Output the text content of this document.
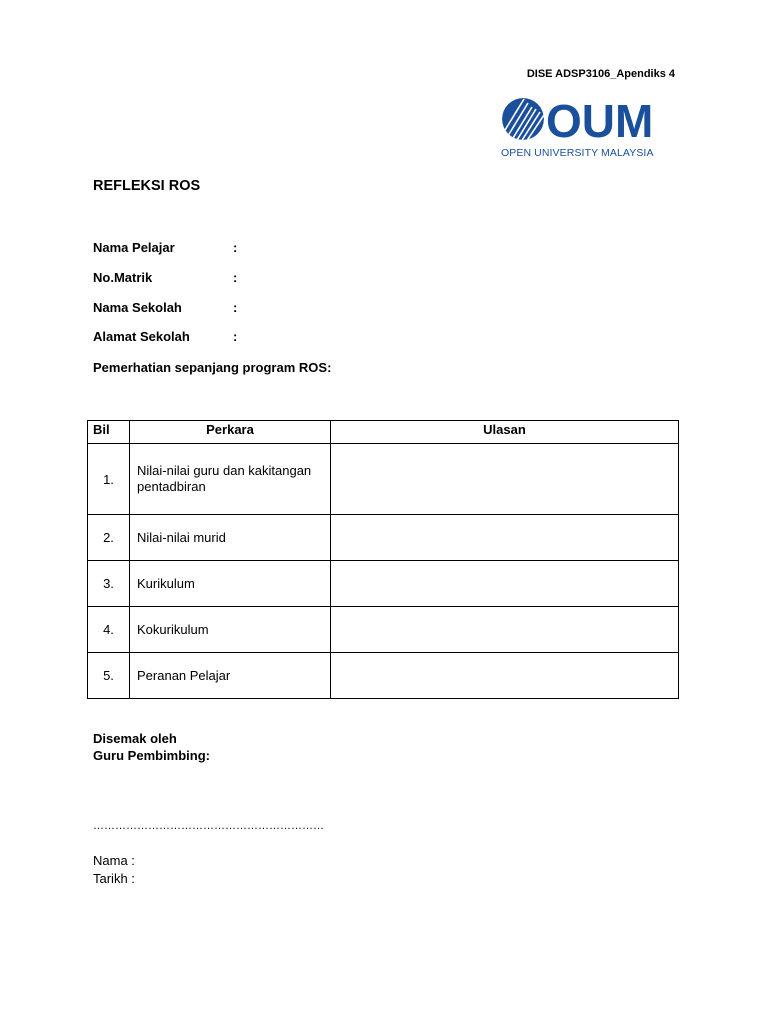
DISE ADSP3106_Apendiks 4
OUM
OPEN UNIVERSITY MALAYSIA
REFLEKSI ROS
Nama Pelajar	:
No.Matrik	:
Nama Sekolah	:
Alamat Sekolah	:
Pemerhatian sepanjang program ROS:
Bil	Perkara	Ulasan
1.	Nilai-nilai guru dan kakitangan pentadbiran	
2.	Nilai-nilai murid	
3.	Kurikulum	
4.	Kokurikulum	
5.	Peranan Pelajar	
Disemak oleh
Guru Pembimbing:
………………………………………………………
Nama :
Tarikh :
